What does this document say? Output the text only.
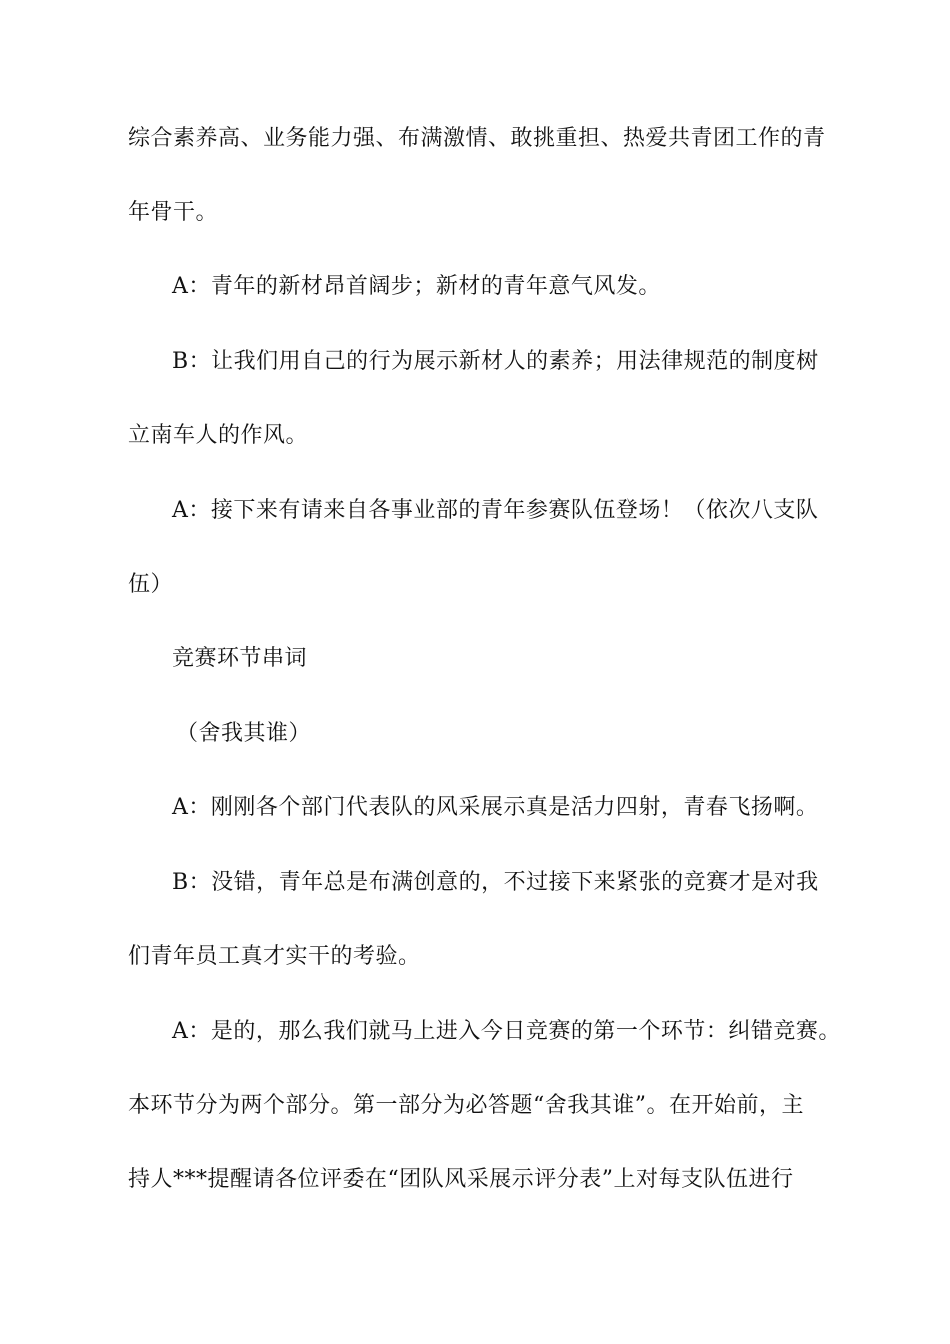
综合素养高、业务能力强、布满激情、敢挑重担、热爱共青团工作的青
年骨干。
A：青年的新材昂首阔步；新材的青年意气风发。
B：让我们用自己的行为展示新材人的素养；用法律规范的制度树
立南车人的作风。
A：接下来有请来自各事业部的青年参赛队伍登场！（依次八支队
伍）
竞赛环节串词
（舍我其谁）
A：刚刚各个部门代表队的风采展示真是活力四射，青春飞扬啊。
B：没错，青年总是布满创意的，不过接下来紧张的竞赛才是对我
们青年员工真才实干的考验。
A：是的，那么我们就马上进入今日竞赛的第一个环节：纠错竞赛。
本环节分为两个部分。第一部分为必答题“舍我其谁”。在开始前，主
持人***提醒请各位评委在“团队风采展示评分表”上对每支队伍进行
